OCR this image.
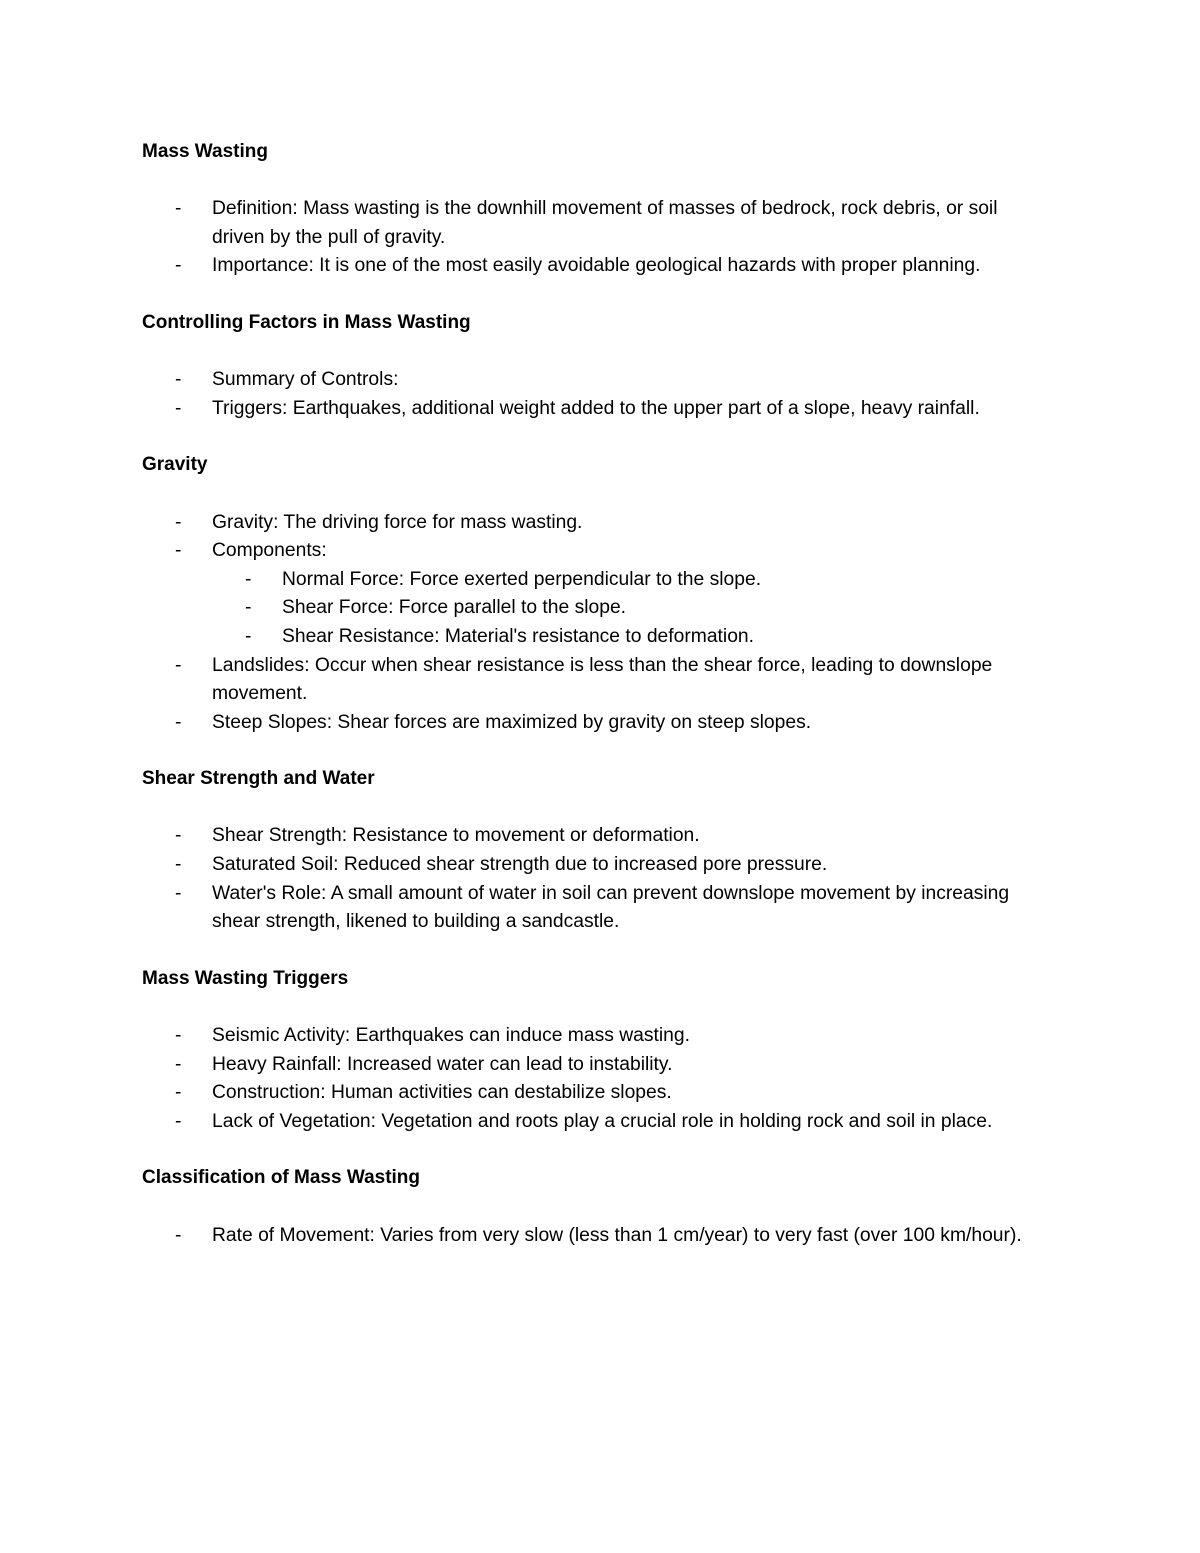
Mass Wasting
- Definition: Mass wasting is the downhill movement of masses of bedrock, rock debris, or soil driven by the pull of gravity.
- Importance: It is one of the most easily avoidable geological hazards with proper planning.
Controlling Factors in Mass Wasting
- Summary of Controls:
- Triggers: Earthquakes, additional weight added to the upper part of a slope, heavy rainfall.
Gravity
- Gravity: The driving force for mass wasting.
- Components:
- Normal Force: Force exerted perpendicular to the slope.
- Shear Force: Force parallel to the slope.
- Shear Resistance: Material's resistance to deformation.
- Landslides: Occur when shear resistance is less than the shear force, leading to downslope movement.
- Steep Slopes: Shear forces are maximized by gravity on steep slopes.
Shear Strength and Water
- Shear Strength: Resistance to movement or deformation.
- Saturated Soil: Reduced shear strength due to increased pore pressure.
- Water's Role: A small amount of water in soil can prevent downslope movement by increasing shear strength, likened to building a sandcastle.
Mass Wasting Triggers
- Seismic Activity: Earthquakes can induce mass wasting.
- Heavy Rainfall: Increased water can lead to instability.
- Construction: Human activities can destabilize slopes.
- Lack of Vegetation: Vegetation and roots play a crucial role in holding rock and soil in place.
Classification of Mass Wasting
- Rate of Movement: Varies from very slow (less than 1 cm/year) to very fast (over 100 km/hour).
